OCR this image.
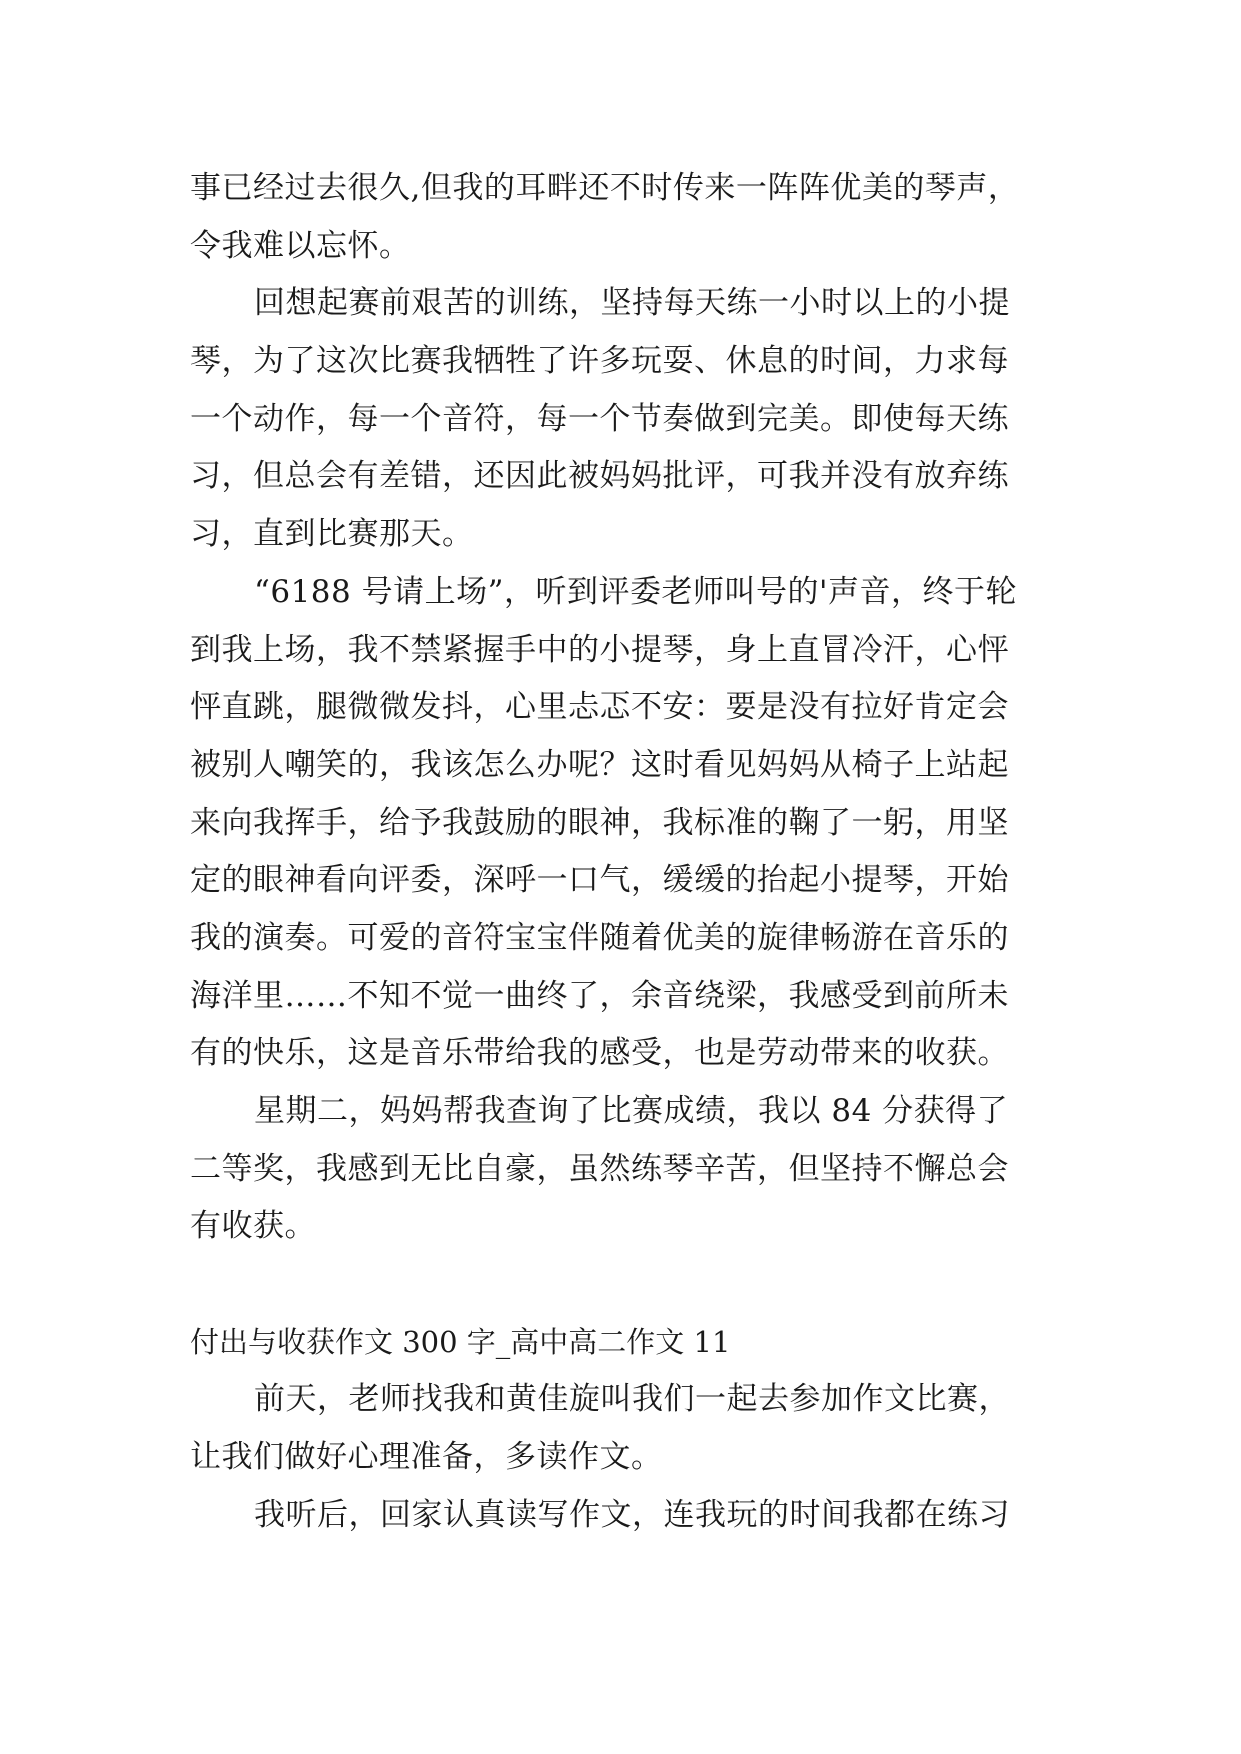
事已经过去很久,但我的耳畔还不时传来一阵阵优美的琴声，
令我难以忘怀。
回想起赛前艰苦的训练，坚持每天练一小时以上的小提
琴，为了这次比赛我牺牲了许多玩耍、休息的时间，力求每
一个动作，每一个音符，每一个节奏做到完美。即使每天练
习，但总会有差错，还因此被妈妈批评，可我并没有放弃练
习，直到比赛那天。
“6188 号请上场”，听到评委老师叫号的'声音，终于轮
到我上场，我不禁紧握手中的小提琴，身上直冒冷汗，心怦
怦直跳，腿微微发抖，心里忐忑不安：要是没有拉好肯定会
被别人嘲笑的，我该怎么办呢？这时看见妈妈从椅子上站起
来向我挥手，给予我鼓励的眼神，我标准的鞠了一躬，用坚
定的眼神看向评委，深呼一口气，缓缓的抬起小提琴，开始
我的演奏。可爱的音符宝宝伴随着优美的旋律畅游在音乐的
海洋里……不知不觉一曲终了，余音绕梁，我感受到前所未
有的快乐，这是音乐带给我的感受，也是劳动带来的收获。
星期二，妈妈帮我查询了比赛成绩，我以 84 分获得了
二等奖，我感到无比自豪，虽然练琴辛苦，但坚持不懈总会
有收获。
付出与收获作文 300 字_高中高二作文 11
前天，老师找我和黄佳旋叫我们一起去参加作文比赛，
让我们做好心理准备，多读作文。
我听后，回家认真读写作文，连我玩的时间我都在练习
